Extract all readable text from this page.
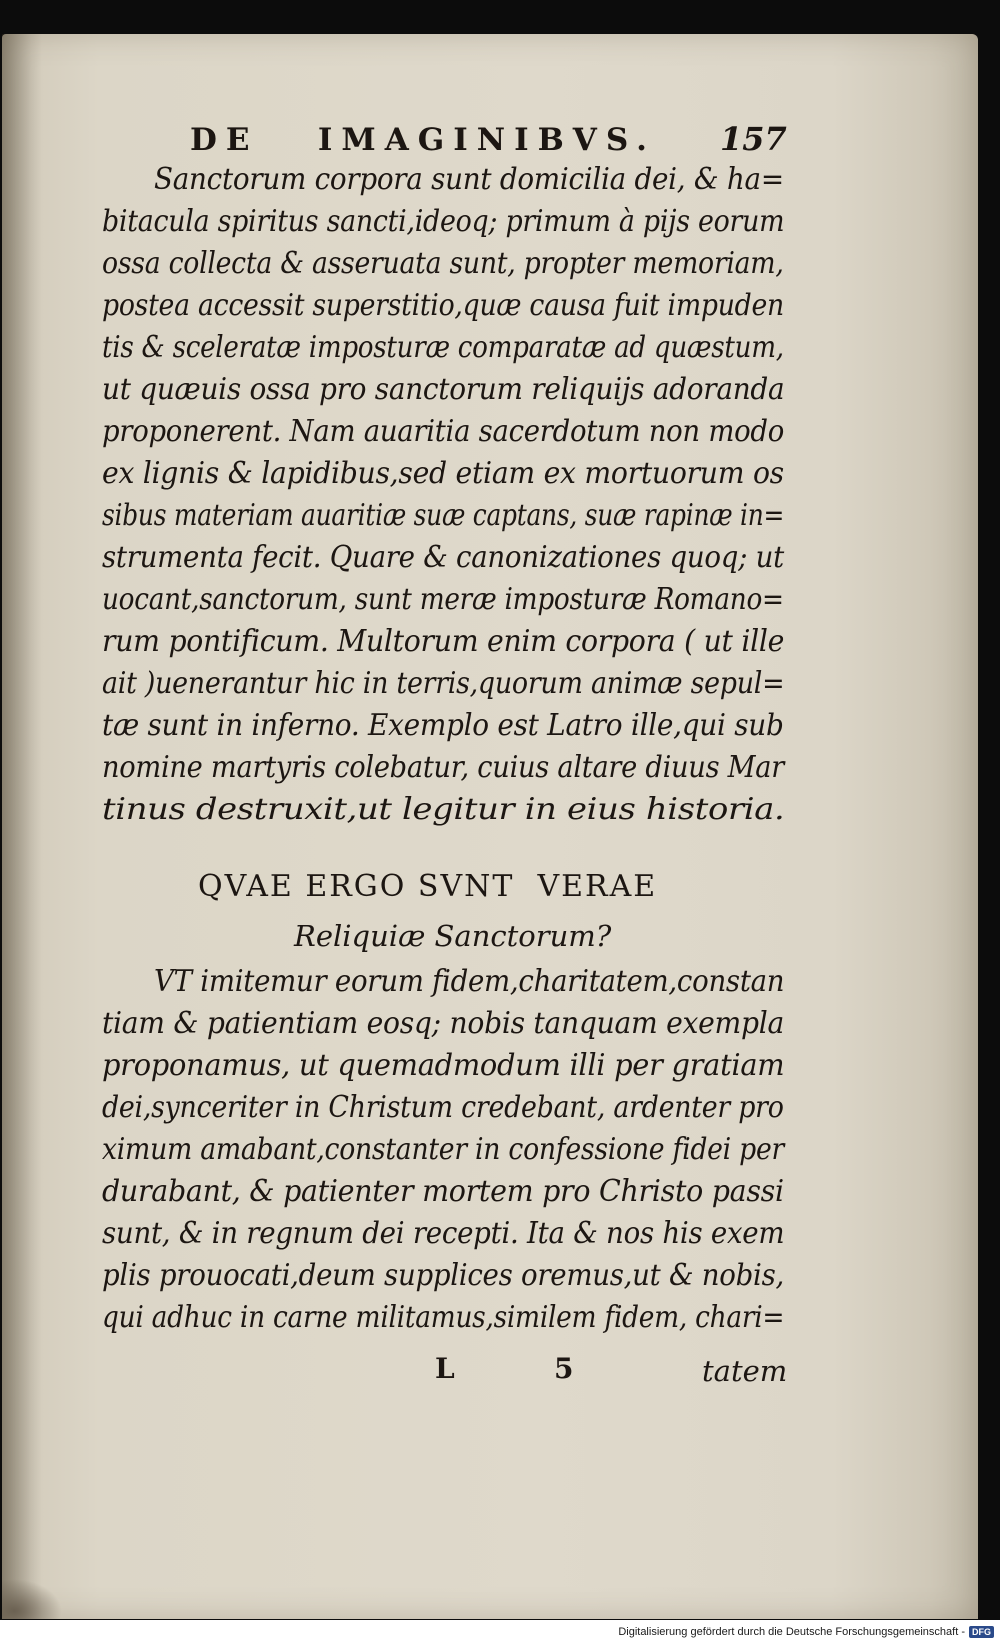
DE   IMAGINIBVS. 157
Sanctorum corpora sunt domicilia dei, & ha=
bitacula spiritus sancti,ideoq; primum à pijs eorum
ossa collecta & asseruata sunt, propter memoriam,
postea accessit superstitio,quæ causa fuit impuden
tis & sceleratæ imposturæ comparatæ ad quæstum,
ut quæuis ossa pro sanctorum reliquijs adoranda
proponerent. Nam auaritia sacerdotum non modo
ex lignis & lapidibus,sed etiam ex mortuorum os
sibus materiam auaritiæ suæ captans, suæ rapinæ in=
strumenta fecit. Quare & canonizationes quoq; ut
uocant,sanctorum, sunt meræ imposturæ Romano=
rum pontificum. Multorum enim corpora ( ut ille
ait )uenerantur hic in terris,quorum animæ sepul=
tæ sunt in inferno. Exemplo est Latro ille,qui sub
nomine martyris colebatur, cuius altare diuus Mar
tinus destruxit,ut legitur in eius historia.
QVAE ERGO SVNT  VERAE
Reliquiæ Sanctorum?
VT imitemur eorum fidem,charitatem,constan
tiam & patientiam eosq; nobis tanquam exempla
proponamus, ut quemadmodum illi per gratiam
dei,synceriter in Christum credebant, ardenter pro
ximum amabant,constanter in confessione fidei per
durabant, & patienter mortem pro Christo passi
sunt, & in regnum dei recepti. Ita & nos his exem
plis prouocati,deum supplices oremus,ut & nobis,
qui adhuc in carne militamus,similem fidem, chari=
L	5	tatem
Digitalisierung gefördert durch die Deutsche Forschungsgemeinschaft - DFG
